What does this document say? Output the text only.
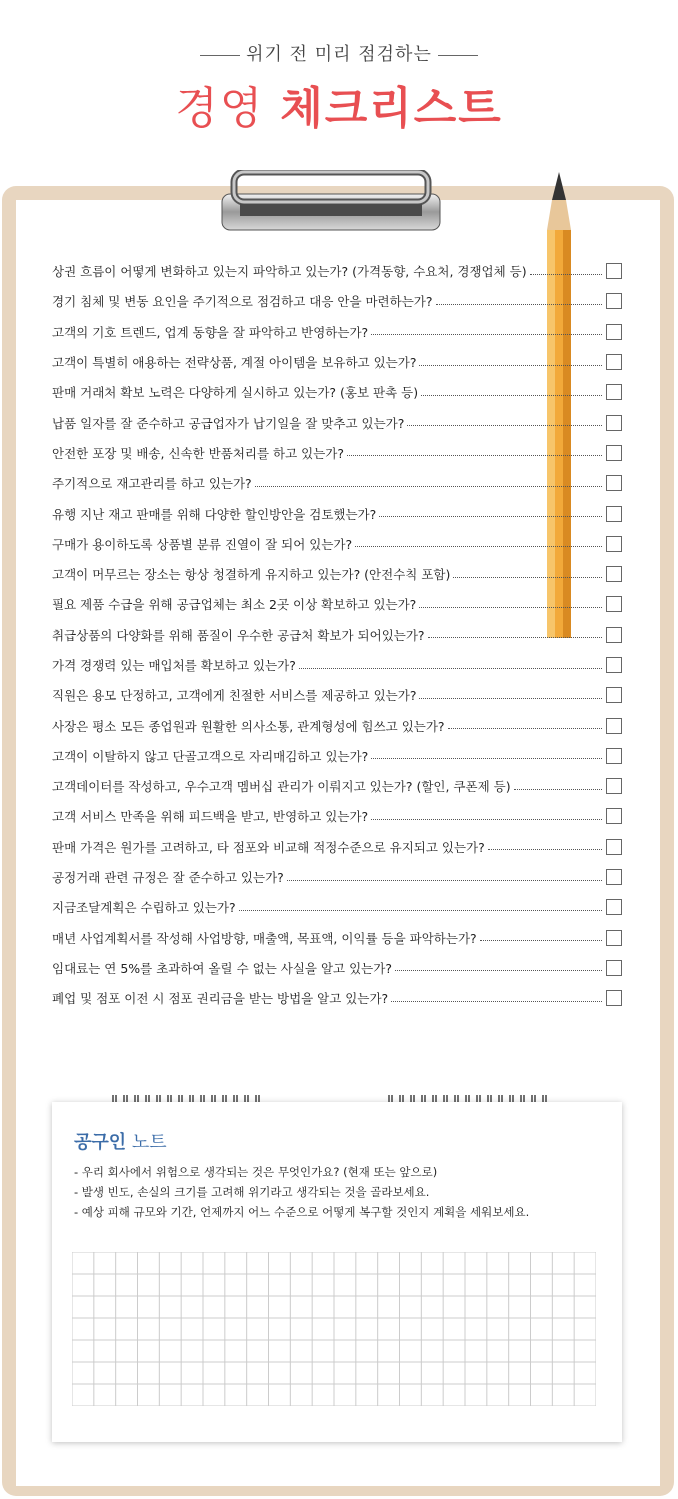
위기 전 미리 점검하는
경영 체크리스트
상권 흐름이 어떻게 변화하고 있는지 파악하고 있는가? (가격동향, 수요처, 경쟁업체 등)
경기 침체 및 변동 요인을 주기적으로 점검하고 대응 안을 마련하는가?
고객의 기호 트렌드, 업계 동향을 잘 파악하고 반영하는가?
고객이 특별히 애용하는 전략상품, 계절 아이템을 보유하고 있는가?
판매 거래처 확보 노력은 다양하게 실시하고 있는가? (홍보 판촉 등)
납품 일자를 잘 준수하고 공급업자가 납기일을 잘 맞추고 있는가?
안전한 포장 및 배송, 신속한 반품처리를 하고 있는가?
주기적으로 재고관리를 하고 있는가?
유행 지난 재고 판매를 위해 다양한 할인방안을 검토했는가?
구매가 용이하도록 상품별 분류 진열이 잘 되어 있는가?
고객이 머무르는 장소는 항상 청결하게 유지하고 있는가? (안전수칙 포함)
필요 제품 수급을 위해 공급업체는 최소 2곳 이상 확보하고 있는가?
취급상품의 다양화를 위해 품질이 우수한 공급처 확보가 되어있는가?
가격 경쟁력 있는 매입처를 확보하고 있는가?
직원은 용모 단정하고, 고객에게 친절한 서비스를 제공하고 있는가?
사장은 평소 모든 종업원과 원활한 의사소통, 관계형성에 힘쓰고 있는가?
고객이 이탈하지 않고 단골고객으로 자리매김하고 있는가?
고객데이터를 작성하고, 우수고객 멤버십 관리가 이뤄지고 있는가? (할인, 쿠폰제 등)
고객 서비스 만족을 위해 피드백을 받고, 반영하고 있는가?
판매 가격은 원가를 고려하고, 타 점포와 비교해 적정수준으로 유지되고 있는가?
공정거래 관련 규정은 잘 준수하고 있는가?
지금조달계획은 수립하고 있는가?
매년 사업계획서를 작성해 사업방향, 매출액, 목표액, 이익률 등을 파악하는가?
임대료는 연 5%를 초과하여 올릴 수 없는 사실을 알고 있는가?
폐업 및 점포 이전 시 점포 권리금을 받는 방법을 알고 있는가?
공구인 노트
- 우리 회사에서 위험으로 생각되는 것은 무엇인가요? (현재 또는 앞으로)
- 발생 빈도, 손실의 크기를 고려해 위기라고 생각되는 것을 골라보세요.
- 예상 피해 규모와 기간, 언제까지 어느 수준으로 어떻게 복구할 것인지 계획을 세워보세요.
